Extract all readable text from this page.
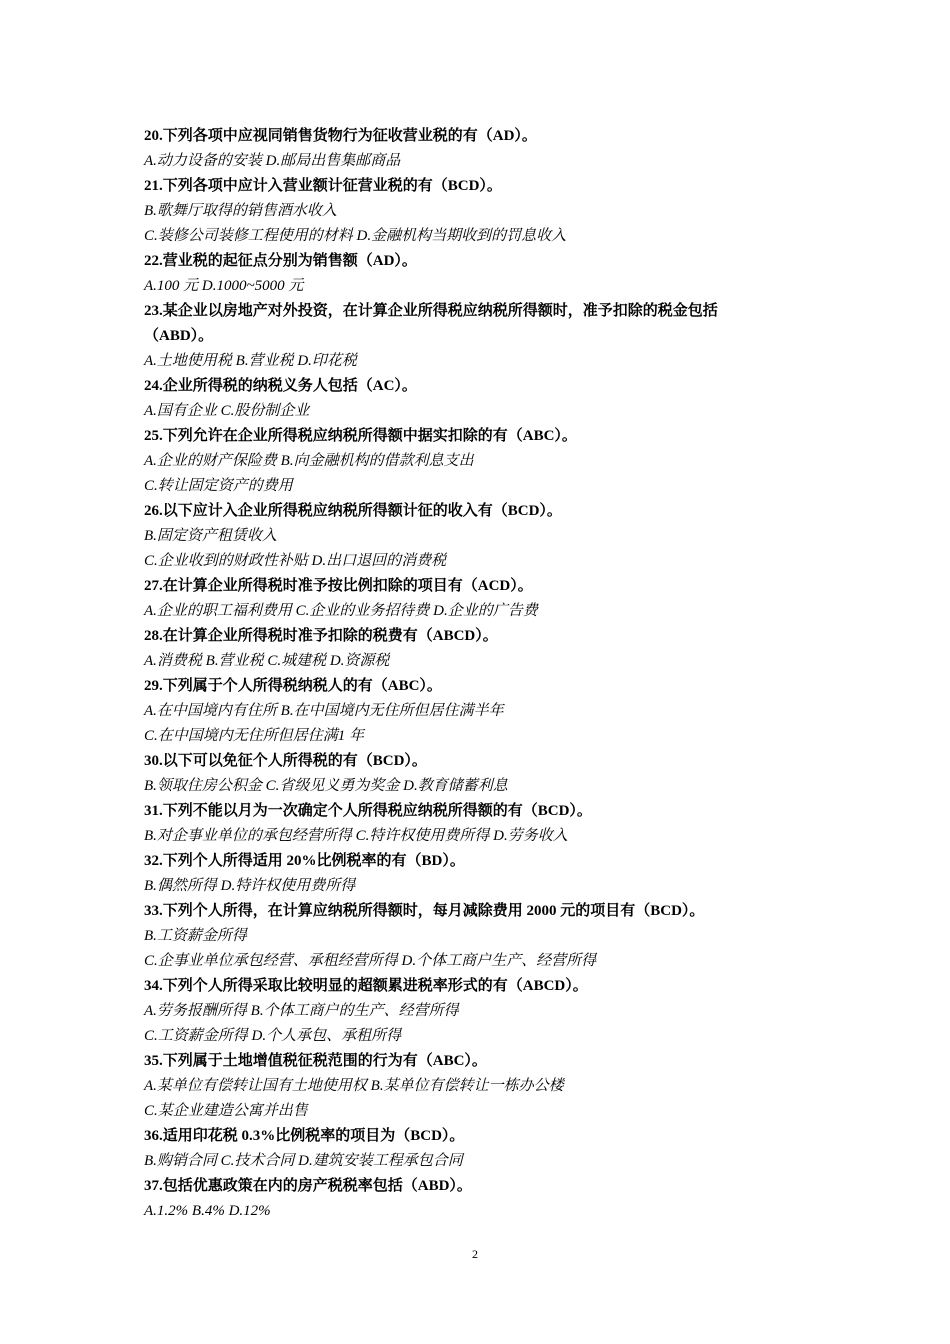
20.下列各项中应视同销售货物行为征收营业税的有（AD）。
A.动力设备的安装 D.邮局出售集邮商品
21.下列各项中应计入营业额计征营业税的有（BCD）。
B.歌舞厅取得的销售酒水收入
C.装修公司装修工程使用的材料 D.金融机构当期收到的罚息收入
22.营业税的起征点分别为销售额（AD）。
A.100 元 D.1000~5000 元
23.某企业以房地产对外投资，在计算企业所得税应纳税所得额时，准予扣除的税金包括
（ABD）。
A.土地使用税 B.营业税 D.印花税
24.企业所得税的纳税义务人包括（AC）。
A.国有企业 C.股份制企业
25.下列允许在企业所得税应纳税所得额中据实扣除的有（ABC）。
A.企业的财产保险费 B.向金融机构的借款利息支出
C.转让固定资产的费用
26.以下应计入企业所得税应纳税所得额计征的收入有（BCD）。
B.固定资产租赁收入
C.企业收到的财政性补贴 D.出口退回的消费税
27.在计算企业所得税时准予按比例扣除的项目有（ACD）。
A.企业的职工福利费用 C.企业的业务招待费 D.企业的广告费
28.在计算企业所得税时准予扣除的税费有（ABCD）。
A.消费税 B.营业税 C.城建税 D.资源税
29.下列属于个人所得税纳税人的有（ABC）。
A.在中国境内有住所 B.在中国境内无住所但居住满半年
C.在中国境内无住所但居住满1 年
30.以下可以免征个人所得税的有（BCD）。
B.领取住房公积金 C.省级见义勇为奖金 D.教育储蓄利息
31.下列不能以月为一次确定个人所得税应纳税所得额的有（BCD）。
B.对企事业单位的承包经营所得 C.特许权使用费所得 D.劳务收入
32.下列个人所得适用 20%比例税率的有（BD）。
B.偶然所得 D.特许权使用费所得
33.下列个人所得，在计算应纳税所得额时，每月减除费用 2000 元的项目有（BCD）。
B.工资薪金所得
C.企事业单位承包经营、承租经营所得 D.个体工商户生产、经营所得
34.下列个人所得采取比较明显的超额累进税率形式的有（ABCD）。
A.劳务报酬所得 B.个体工商户的生产、经营所得
C.工资薪金所得 D.个人承包、承租所得
35.下列属于土地增值税征税范围的行为有（ABC）。
A.某单位有偿转让国有土地使用权 B.某单位有偿转让一栋办公楼
C.某企业建造公寓并出售
36.适用印花税 0.3%比例税率的项目为（BCD）。
B.购销合同 C.技术合同 D.建筑安装工程承包合同
37.包括优惠政策在内的房产税税率包括（ABD）。
A.1.2% B.4% D.12%
2
